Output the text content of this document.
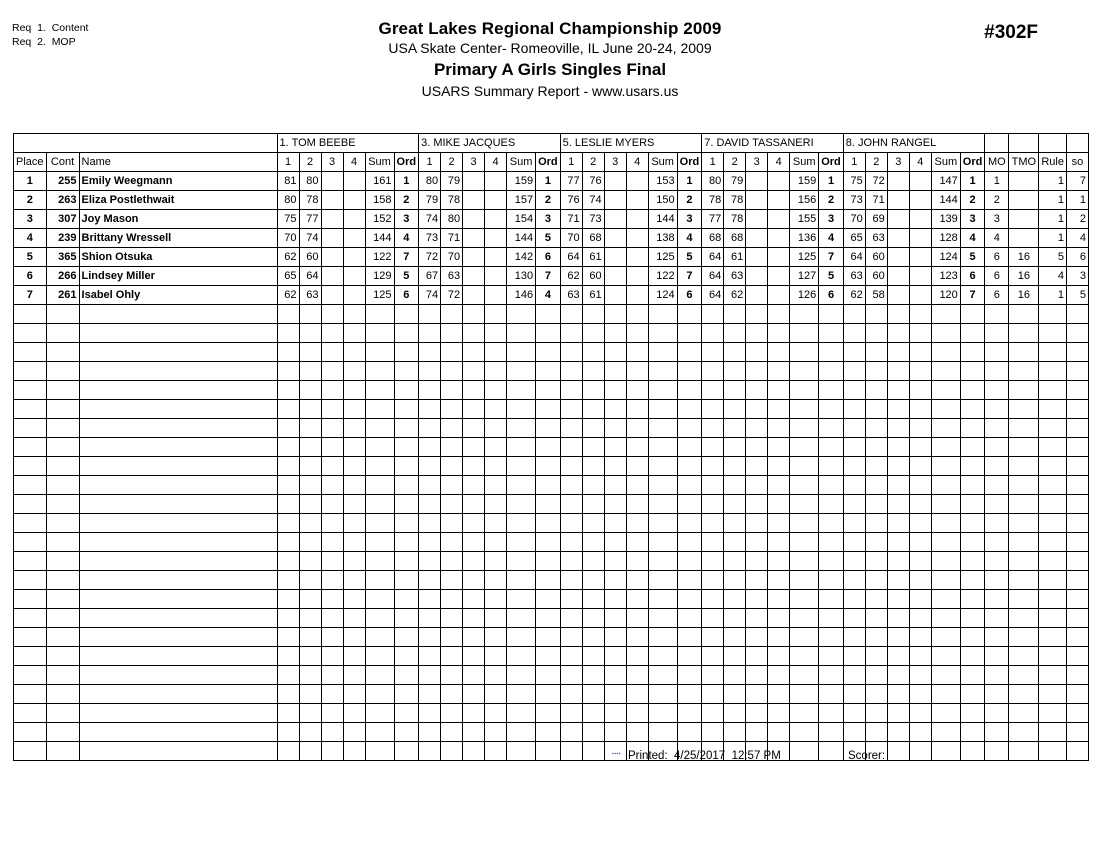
Req  1.  Content
Req  2.  MOP
Great Lakes Regional Championship 2009
USA Skate Center- Romeoville, IL June 20-24, 2009
Primary A Girls Singles Final
USARS Summary Report - www.usars.us
#302F
			1. TOM BEEBE						3. MIKE JACQUES						5. LESLIE MYERS						7. DAVID TASSANERI						8. JOHN RANGEL									
Place	Cont	Name	1	2	3	4	Sum	Ord	1	2	3	4	Sum	Ord	1	2	3	4	Sum	Ord	1	2	3	4	Sum	Ord	1	2	3	4	Sum	Ord	MO	TMO	Rule	so
1	255	Emily Weegmann	81	80			161	1	80	79			159	1	77	76			153	1	80	79			159	1	75	72			147	1	1		1	7
2	263	Eliza Postlethwait	80	78			158	2	79	78			157	2	76	74			150	2	78	78			156	2	73	71			144	2	2		1	1
3	307	Joy Mason	75	77			152	3	74	80			154	3	71	73			144	3	77	78			155	3	70	69			139	3	3		1	2
4	239	Brittany Wressell	70	74			144	4	73	71			144	5	70	68			138	4	68	68			136	4	65	63			128	4	4		1	4
5	365	Shion Otsuka	62	60			122	7	72	70			142	6	64	61			125	5	64	61			125	7	64	60			124	5	6	16	5	6
6	266	Lindsey Miller	65	64			129	5	67	63			130	7	62	60			122	7	64	63			127	5	63	60			123	6	6	16	4	3
7	261	Isabel Ohly	62	63			125	6	74	72			146	4	63	61			124	6	64	62			126	6	62	58			120	7	6	16	1	5

▪▪▪▪ Printed:  4/25/2017  12:57 PM	Scorer:
